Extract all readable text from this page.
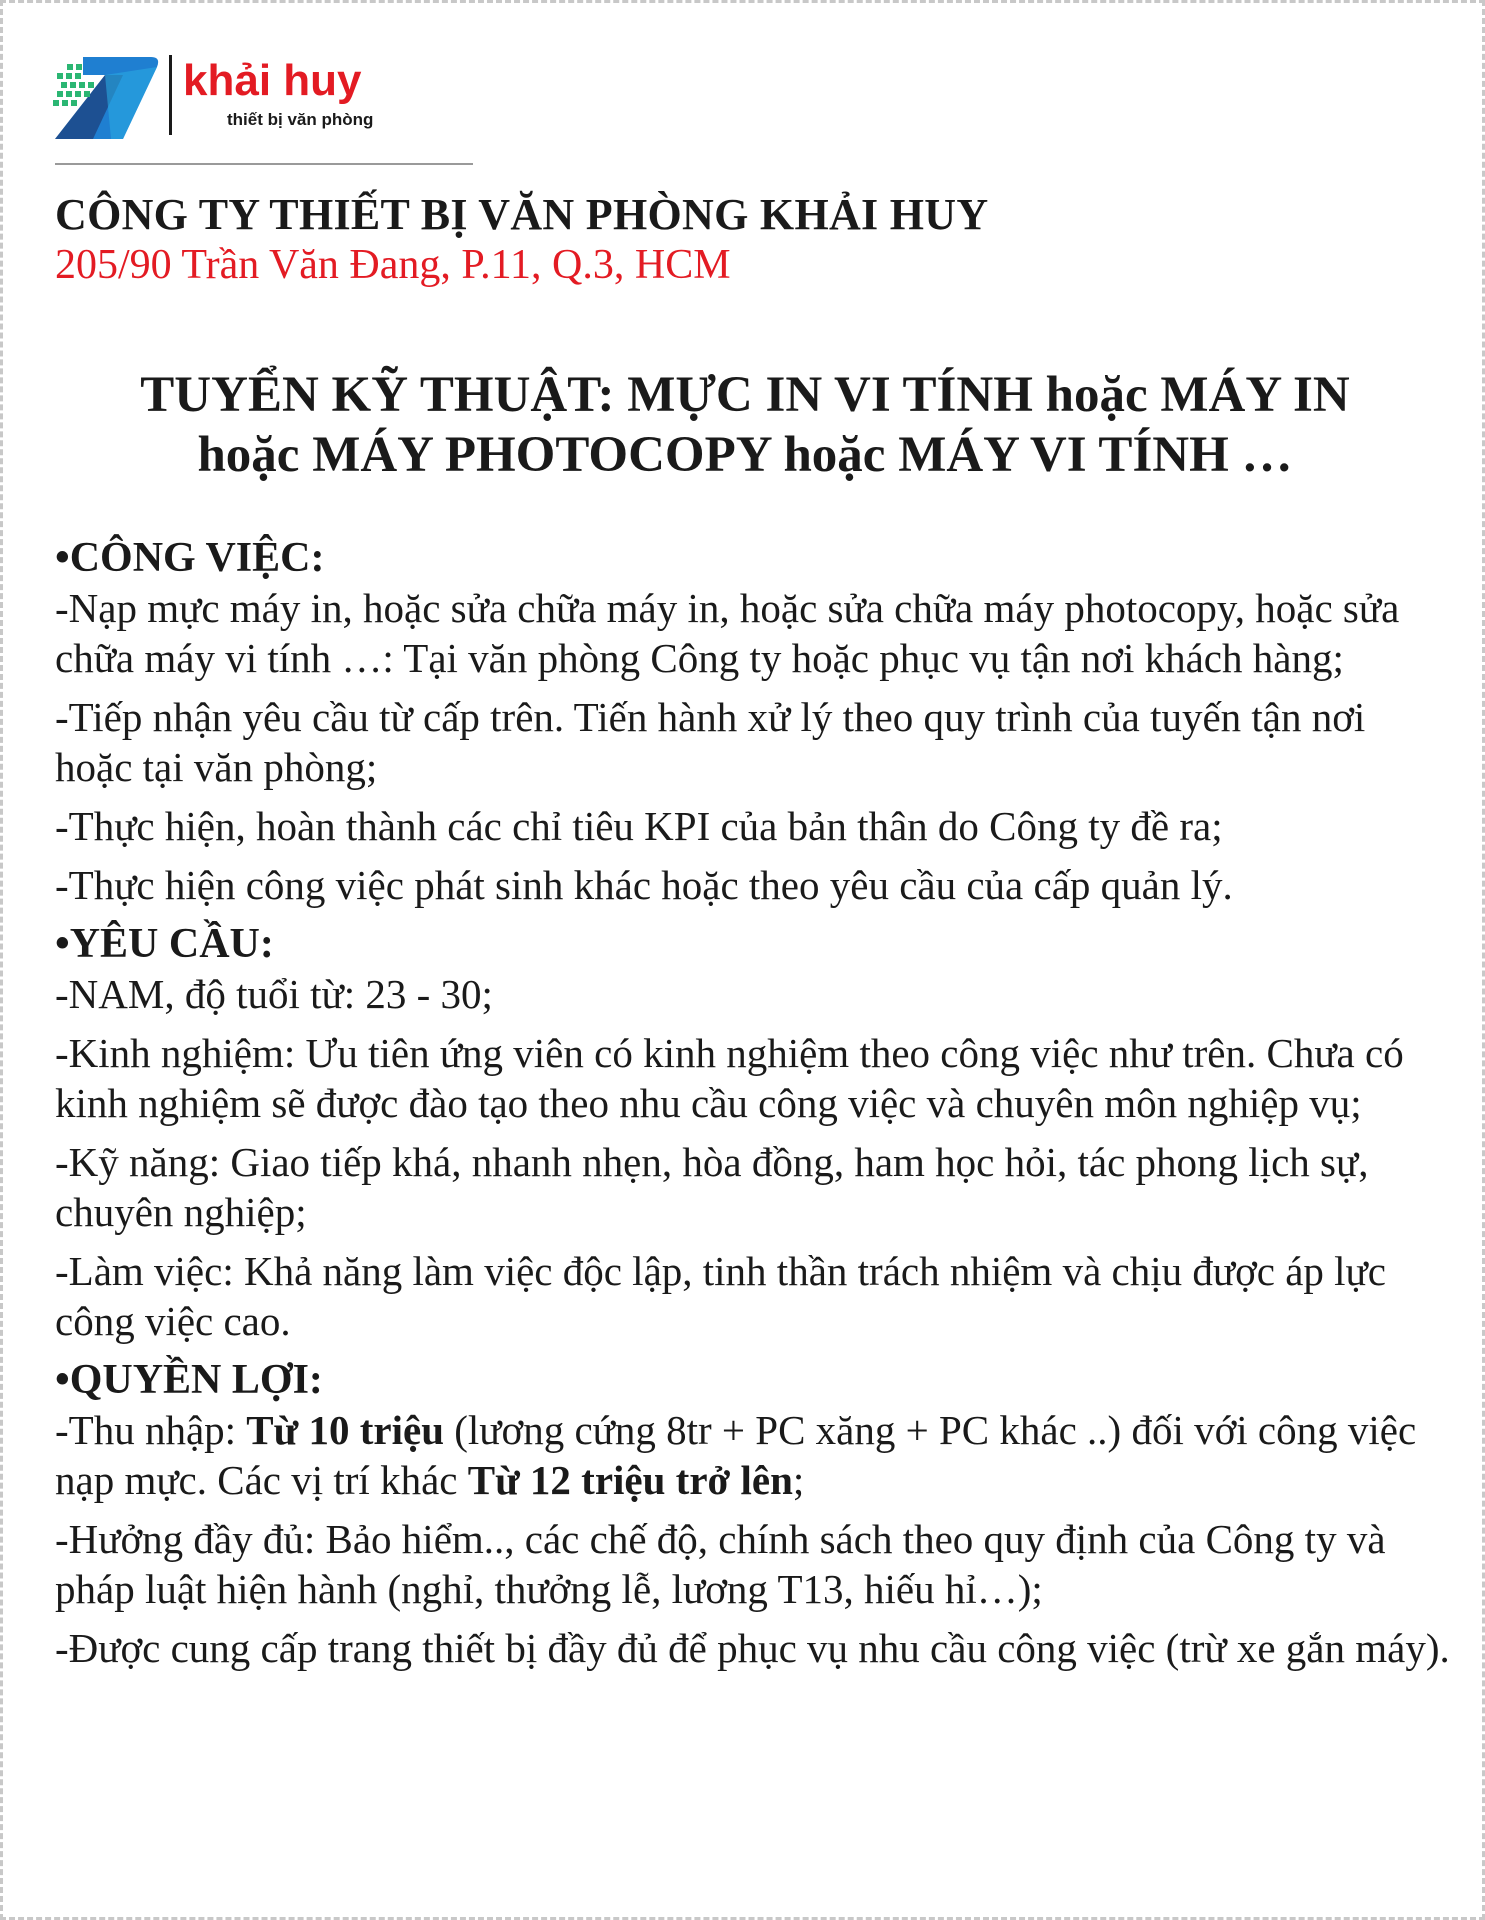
khải huy
thiết bị văn phòng
CÔNG TY THIẾT BỊ VĂN PHÒNG KHẢI HUY
205/90 Trần Văn Đang, P.11, Q.3, HCM
TUYỂN KỸ THUẬT: MỰC IN VI TÍNH hoặc MÁY IN
hoặc MÁY PHOTOCOPY hoặc MÁY VI TÍNH …

•CÔNG VIỆC:

-Nạp mực máy in, hoặc sửa chữa máy in, hoặc sửa chữa máy photocopy, hoặc sửa chữa máy vi tính …: Tại văn phòng Công ty hoặc phục vụ tận nơi khách hàng;

-Tiếp nhận yêu cầu từ cấp trên. Tiến hành xử lý theo quy trình của tuyến tận nơi hoặc tại văn phòng;

-Thực hiện, hoàn thành các chỉ tiêu KPI của bản thân do Công ty đề ra;

-Thực hiện công việc phát sinh khác hoặc theo yêu cầu của cấp quản lý.

•YÊU CẦU:

-NAM, độ tuổi từ: 23 - 30;

-Kinh nghiệm: Ưu tiên ứng viên có kinh nghiệm theo công việc như trên. Chưa có kinh nghiệm sẽ được đào tạo theo nhu cầu công việc và chuyên môn nghiệp vụ;

-Kỹ năng: Giao tiếp khá, nhanh nhẹn, hòa đồng, ham học hỏi, tác phong lịch sự, chuyên nghiệp;

-Làm việc: Khả năng làm việc độc lập, tinh thần trách nhiệm và chịu được áp lực công việc cao.

•QUYỀN LỢI:

-Thu nhập: Từ 10 triệu (lương cứng 8tr + PC xăng + PC khác ..) đối với công việc nạp mực. Các vị trí khác Từ 12 triệu trở lên;

-Hưởng đầy đủ: Bảo hiểm.., các chế độ, chính sách theo quy định của Công ty và pháp luật hiện hành (nghỉ, thưởng lễ, lương T13, hiếu hỉ…);

-Được cung cấp trang thiết bị đầy đủ để phục vụ nhu cầu công việc (trừ xe gắn máy).
